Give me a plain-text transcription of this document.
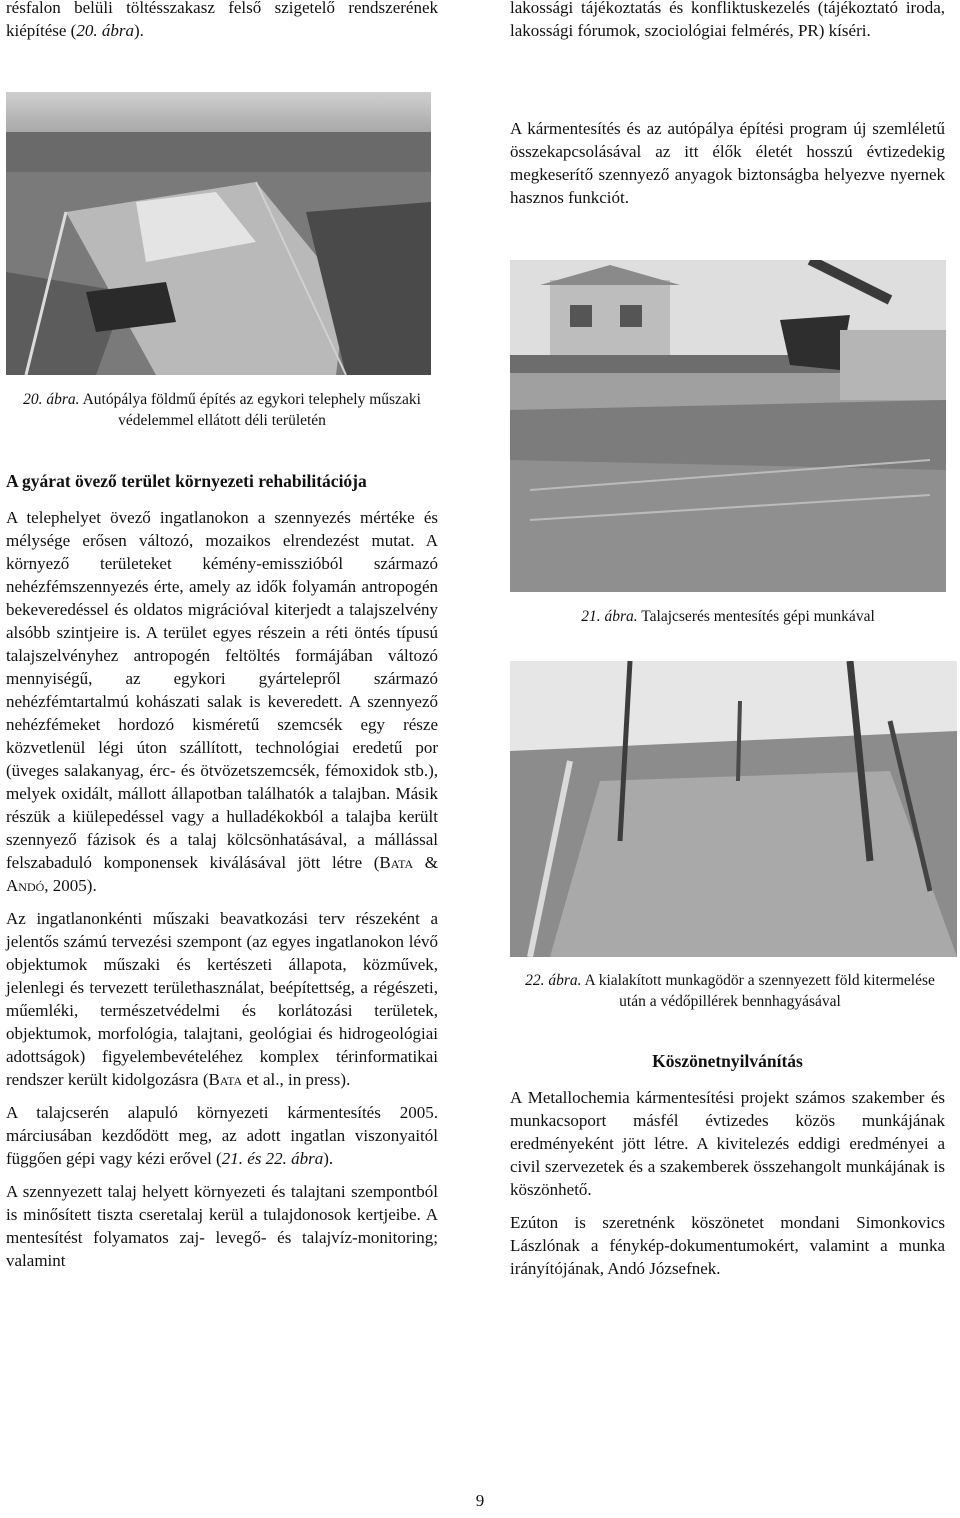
résfalon belüli töltésszakasz felső szigetelő rendszerének kiépítése (20. ábra).

20. ábra. Autópálya földmű építés az egykori telephely műszaki védelemmel ellátott déli területén
A gyárat övező terület környezeti rehabilitációja

A telephelyet övező ingatlanokon a szennyezés mértéke és mélysége erősen változó, mozaikos elrendezést mutat. A környező területeket kémény-emisszióból származó nehézfémszennyezés érte, amely az idők folyamán antropogén bekeveredéssel és oldatos migrációval kiterjedt a talajszelvény alsóbb szintjeire is. A terület egyes részein a réti öntés típusú talajszelvényhez antropogén feltöltés formájában változó mennyiségű, az egykori gyártelepről származó nehézfémtartalmú kohászati salak is keveredett. A szennyező nehézfémeket hordozó kisméretű szemcsék egy része közvetlenül légi úton szállított, technológiai eredetű por (üveges salakanyag, érc- és ötvözetszemcsék, fémoxidok stb.), melyek oxidált, mállott állapotban találhatók a talajban. Másik részük a kiülepedéssel vagy a hulladékokból a talajba került szennyező fázisok és a talaj kölcsönhatásával, a mállással felszabaduló komponensek kiválásával jött létre (Bata & Andó, 2005).

Az ingatlanonkénti műszaki beavatkozási terv részeként a jelentős számú tervezési szempont (az egyes ingatlanokon lévő objektumok műszaki és kertészeti állapota, közművek, jelenlegi és tervezett területhasználat, beépítettség, a régészeti, műemléki, természetvédelmi és korlátozási területek, objektumok, morfológia, talajtani, geológiai és hidrogeológiai adottságok) figyelembevételéhez komplex térinformatikai rendszer került kidolgozásra (Bata et al., in press).

A talajcserén alapuló környezeti kármentesítés 2005. márciusában kezdődött meg, az adott ingatlan viszonyaitól függően gépi vagy kézi erővel (21. és 22. ábra).

A szennyezett talaj helyett környezeti és talajtani szempontból is minősített tiszta cseretalaj kerül a tulajdonosok kertjeibe. A mentesítést folyamatos zaj- levegő- és talajvíz-monitoring; valamint

lakossági tájékoztatás és konfliktuskezelés (tájékoztató iroda, lakossági fórumok, szociológiai felmérés, PR) kíséri.

A kármentesítés és az autópálya építési program új szemléletű összekapcsolásával az itt élők életét hosszú évtizedekig megkeserítő szennyező anyagok biztonságba helyezve nyernek hasznos funkciót.

21. ábra. Talajcserés mentesítés gépi munkával
22. ábra. A kialakított munkagödör a szennyezett föld kitermelése után a védőpillérek bennhagyásával
Köszönetnyilvánítás

A Metallochemia kármentesítési projekt számos szakember és munkacsoport másfél évtizedes közös munkájának eredményeként jött létre. A kivitelezés eddigi eredményei a civil szervezetek és a szakemberek összehangolt munkájának is köszönhető.

Ezúton is szeretnénk köszönetet mondani Simonkovics Lászlónak a fénykép-dokumentumokért, valamint a munka irányítójának, Andó Józsefnek.

9
